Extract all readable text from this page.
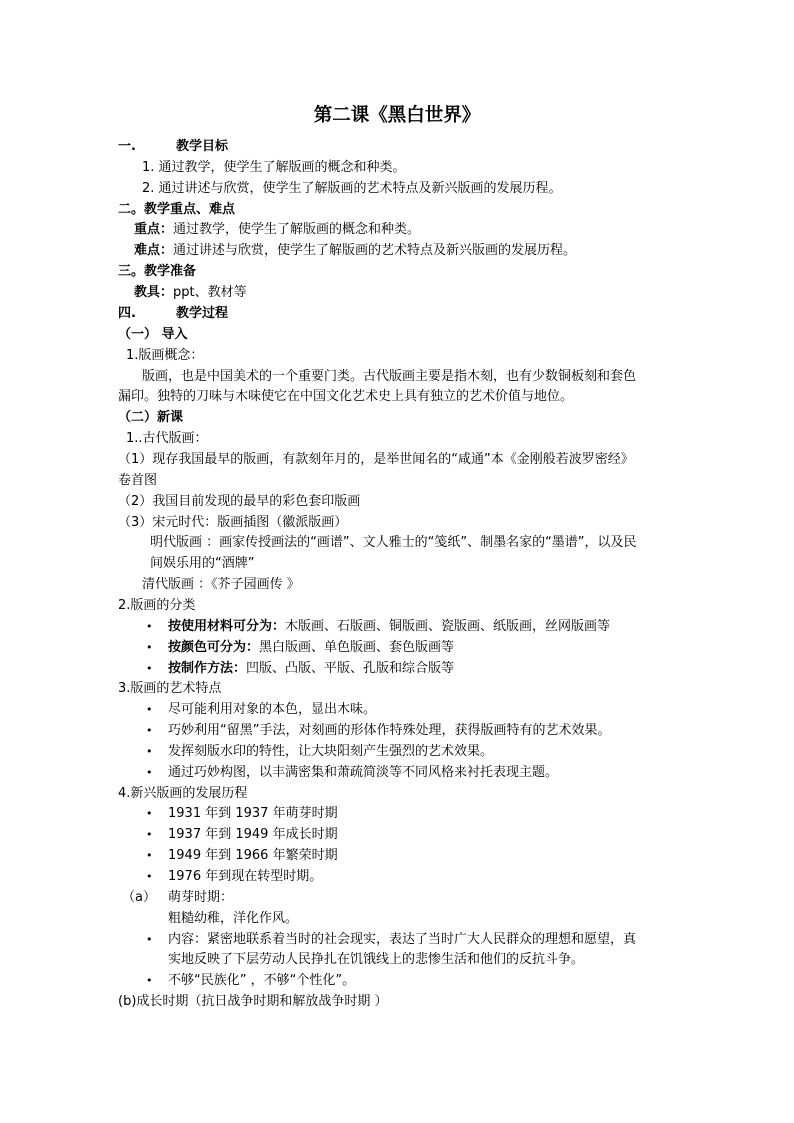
第二课《黑白世界》
一.	教学目标
1. 通过教学，使学生了解版画的概念和种类。
2. 通过讲述与欣赏，使学生了解版画的艺术特点及新兴版画的发展历程。
二。教学重点、难点
重点：通过教学，使学生了解版画的概念和种类。
难点：通过讲述与欣赏，使学生了解版画的艺术特点及新兴版画的发展历程。
三。教学准备
教具：ppt、教材等
四.	教学过程
（一） 导入
1.版画概念：
版画，也是中国美术的一个重要门类。古代版画主要是指木刻，也有少数铜板刻和套色
漏印。独特的刀味与木味使它在中国文化艺术史上具有独立的艺术价值与地位。
（二）新课
1..古代版画：
（1）现存我国最早的版画，有款刻年月的，是举世闻名的“咸通”本《金刚般若波罗密经》
卷首图
（2）我国目前发现的最早的彩色套印版画
（3）宋元时代：版画插图（徽派版画）
明代版画 ：画家传授画法的“画谱”、文人雅士的“笺纸”、制墨名家的“墨谱”，以及民
间娱乐用的“酒牌”
清代版画 ：《芥子园画传 》
2.版画的分类
• 按使用材料可分为：木版画、石版画、铜版画、瓷版画、纸版画，丝网版画等
• 按颜色可分为：黑白版画、单色版画、套色版画等
• 按制作方法：凹版、凸版、平版、孔版和综合版等
3.版画的艺术特点
• 尽可能利用对象的本色，显出木味。
• 巧妙利用“留黑”手法，对刻画的形体作特殊处理，获得版画特有的艺术效果。
• 发挥刻版水印的特性，让大块阳刻产生强烈的艺术效果。
• 通过巧妙构图，以丰满密集和萧疏简淡等不同风格来衬托表现主题。
4.新兴版画的发展历程
• 1931 年到 1937 年萌芽时期
• 1937 年到 1949 年成长时期
• 1949 年到 1966 年繁荣时期
• 1976 年到现在转型时期。
（a） 萌芽时期：
粗糙幼稚，洋化作风。
• 内容：紧密地联系着当时的社会现实，表达了当时广大人民群众的理想和愿望，真
实地反映了下层劳动人民挣扎在饥饿线上的悲惨生活和他们的反抗斗争。
• 不够“民族化” ，不够“个性化”。
(b)成长时期（抗日战争时期和解放战争时期 ）
